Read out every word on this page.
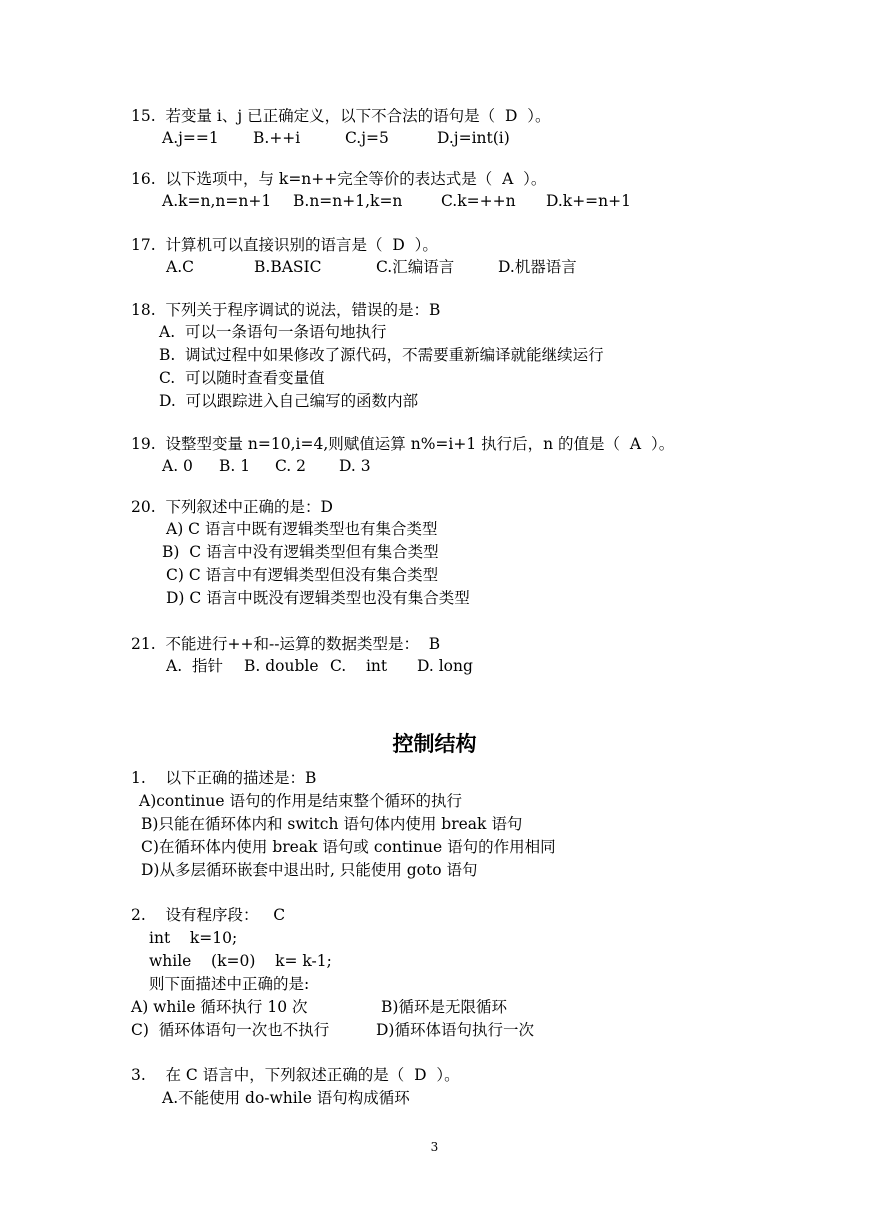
15.  若变量 i、j 已正确定义，以下不合法的语句是（  D  ）。
A.j==1 B.++i	C.j=5	D.j=int(i)
16.  以下选项中，与 k=n++完全等价的表达式是（  A  ）。
A.k=n,n=n+1 B.n=n+1,k=n C.k=++n D.k+=n+1
17.  计算机可以直接识别的语言是（  D  ）。
A.C	B.BASIC	C.汇编语言	D.机器语言
18.  下列关于程序调试的说法，错误的是：B
A.  可以一条语句一条语句地执行
B.  调试过程中如果修改了源代码，不需要重新编译就能继续运行
C.  可以随时查看变量值
D.  可以跟踪进入自己编写的函数内部
19.  设整型变量 n=10,i=4,则赋值运算 n%=i+1 执行后，n 的值是（  A  ）。
A. 0 B. 1 C. 2 D. 3
20.  下列叙述中正确的是：D
A) C 语言中既有逻辑类型也有集合类型
B)  C 语言中没有逻辑类型但有集合类型
C) C 语言中有逻辑类型但没有集合类型
D) C 语言中既没有逻辑类型也没有集合类型
21.  不能进行++和--运算的数据类型是：  B
A.  指针 B. double C.    int D. long
控制结构
1.    以下正确的描述是：B
A)continue 语句的作用是结束整个循环的执行
B)只能在循环体内和 switch 语句体内使用 break 语句
C)在循环体内使用 break 语句或 continue 语句的作用相同
D)从多层循环嵌套中退出时, 只能使用 goto 语句
2.    设有程序段：   C
int    k=10;
while    (k=0)    k= k-1;
则下面描述中正确的是:
A) while 循环执行 10 次	B)循环是无限循环
C)  循环体语句一次也不执行	D)循环体语句执行一次
3.    在 C 语言中，下列叙述正确的是（  D  ）。
A.不能使用 do-while 语句构成循环
3
